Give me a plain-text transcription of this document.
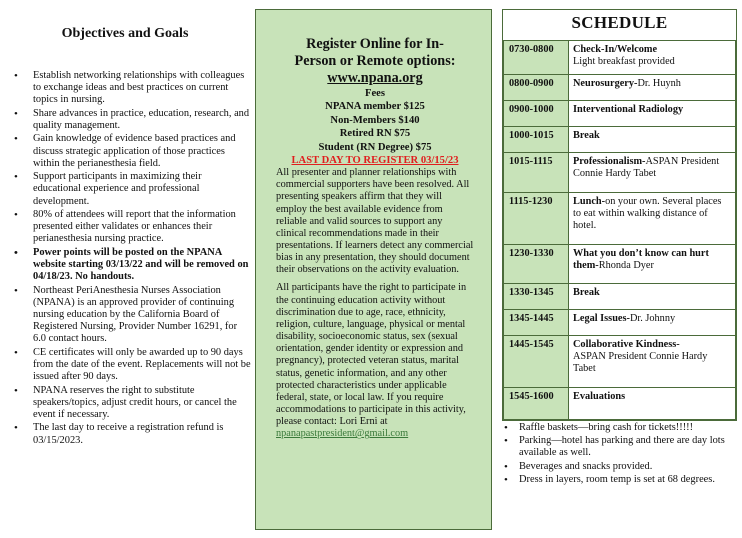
Objectives and Goals
• Establish networking relationships with colleagues to exchange ideas and best practices on current topics in nursing.
• Share advances in practice, education, research, and quality management.
• Gain knowledge of evidence based practices and discuss strategic application of those practices within the perianesthesia field.
• Support participants in maximizing their educational experience and professional development.
• 80% of attendees will report that the information presented either validates or enhances their perianesthesia nursing practice.
• Power points will be posted on the NPANA website starting 03/13/22 and will be removed on 04/18/23. No handouts.
• Northeast PeriAnesthesia Nurses Association (NPANA) is an approved provider of continuing nursing education by the California Board of Registered Nursing, Provider Number 16291, for 6.0 contact hours.
• CE certificates will only be awarded up to 90 days from the date of the event. Replacements will not be issued after 90 days.
• NPANA reserves the right to substitute speakers/topics, adjust credit hours, or cancel the event if necessary.
• The last day to receive a registration refund is 03/15/2023.
Register Online for In-
Person or Remote options:
www.npana.org
Fees
NPANA member $125
Non-Members $140
Retired RN $75
Student (RN Degree) $75
LAST DAY TO REGISTER 03/15/23

All presenter and planner relationships with commercial supporters have been resolved. All presenting speakers affirm that they will employ the best available evidence from reliable and valid sources to support any clinical recommendations made in their presentations. If learners detect any commercial bias in any presentation, they should document their observations on the activity evaluation.

All participants have the right to participate in the continuing education activity without discrimination due to age, race, ethnicity, religion, culture, language, physical or mental disability, socioeconomic status, sex (sexual orientation, gender identity or expression and pregnancy), protected veteran status, marital status, genetic information, and any other protected characteristics under applicable federal, state, or local law. If you require accommodations to participate in this activity, please contact: Lori Erni at npanapastpresident@gmail.com

SCHEDULE
0730-0800	Check-In/Welcome
Light breakfast provided
0800-0900	Neurosurgery-Dr. Huynh
0900-1000	Interventional Radiology
1000-1015	Break
1015-1115	Professionalism-ASPAN President Connie Hardy Tabet
1115-1230	Lunch-on your own. Several places to eat within walking distance of hotel.
1230-1330	What you don’t know can hurt them-Rhonda Dyer
1330-1345	Break
1345-1445	Legal Issues-Dr. Johnny
1445-1545	Collaborative Kindness-
ASPAN President Connie Hardy Tabet
1545-1600	Evaluations
• Raffle baskets—bring cash for tickets!!!!!
• Parking—hotel has parking and there are day lots available as well.
• Beverages and snacks provided.
• Dress in layers, room temp is set at 68 degrees.
